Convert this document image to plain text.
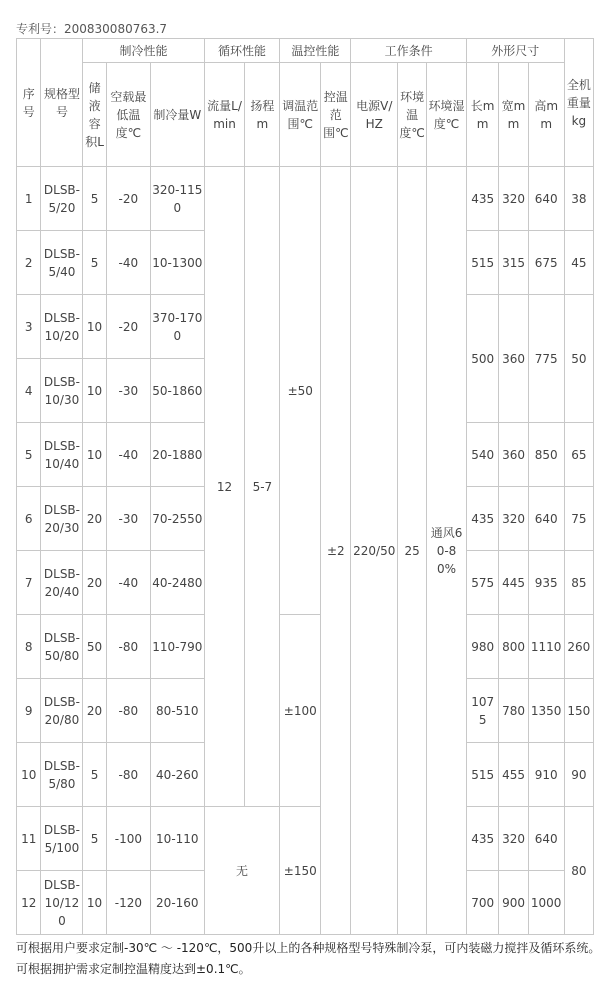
专利号：200830080763.7
序号	规格型号	制冷性能			循环性能		温控性能		工作条件			外形尺寸			全机重量kg
		储液容积L	空载最低温度℃	制冷量W	流量L/min	扬程m	调温范围℃	控温范围℃	电源V/HZ	环境温度℃	环境湿度℃	长mm	宽mm	高mm	
1	DLSB-5/20	5	-20	320-1150	12	5-7	±50	±2	220/50	25	通风60-80%	435	320	640	38
2	DLSB-5/40	5	-40	10-1300								515	315	675	45
3	DLSB-10/20	10	-20	370-1700								500	360	775	50
4	DLSB-10/30	10	-30	50-1860											
5	DLSB-10/40	10	-40	20-1880								540	360	850	65
6	DLSB-20/30	20	-30	70-2550								435	320	640	75
7	DLSB-20/40	20	-40	40-2480								575	445	935	85
8	DLSB-50/80	50	-80	110-790			±100					980	800	1110	260
9	DLSB-20/80	20	-80	80-510								1075	780	1350	150
10	DLSB-5/80	5	-80	40-260								515	455	910	90
11	DLSB-5/100	5	-100	10-110	无		±150					435	320	640	80
12	DLSB-10/120	10	-120	20-160								700	900	1000	
可根据用户要求定制-30℃ ～ -120℃，500升以上的各种规格型号特殊制冷泵，可内装磁力搅拌及循环系统。
可根据拥护需求定制控温精度达到±0.1℃。
